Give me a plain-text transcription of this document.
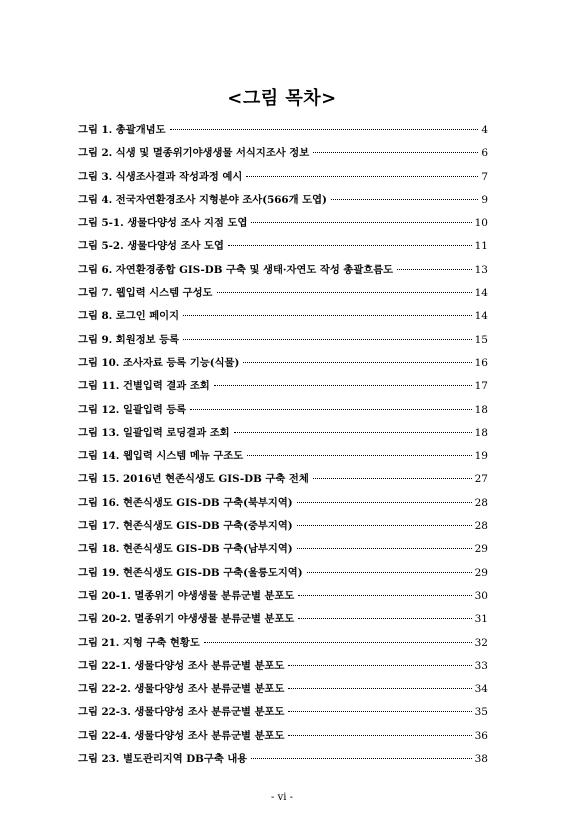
<그림 목차>
그림 1. 총괄개념도	4
그림 2. 식생 및 멸종위기야생생물 서식지조사 정보	6
그림 3. 식생조사결과 작성과정 예시	7
그림 4. 전국자연환경조사 지형분야 조사(566개 도엽)	9
그림 5-1. 생물다양성 조사 지점 도엽	10
그림 5-2. 생물다양성 조사 도엽	11
그림 6. 자연환경종합 GIS-DB 구축 및 생태·자연도 작성 총괄흐름도	13
그림 7. 웹입력 시스템 구성도	14
그림 8. 로그인 페이지	14
그림 9. 회원정보 등록	15
그림 10. 조사자료 등록 기능(식물)	16
그림 11. 건별입력 결과 조회	17
그림 12. 일괄입력 등록	18
그림 13. 일괄입력 로딩결과 조회	18
그림 14. 웹입력 시스템 메뉴 구조도	19
그림 15. 2016년 현존식생도 GIS-DB 구축 전체	27
그림 16. 현존식생도 GIS-DB 구축(북부지역)	28
그림 17. 현존식생도 GIS-DB 구축(중부지역)	28
그림 18. 현존식생도 GIS-DB 구축(남부지역)	29
그림 19. 현존식생도 GIS-DB 구축(울릉도지역)	29
그림 20-1. 멸종위기 야생생물 분류군별 분포도	30
그림 20-2. 멸종위기 야생생물 분류군별 분포도	31
그림 21. 지형 구축 현황도	32
그림 22-1. 생물다양성 조사 분류군별 분포도	33
그림 22-2. 생물다양성 조사 분류군별 분포도	34
그림 22-3. 생물다양성 조사 분류군별 분포도	35
그림 22-4. 생물다양성 조사 분류군별 분포도	36
그림 23. 별도관리지역 DB구축 내용	38
- vi -
